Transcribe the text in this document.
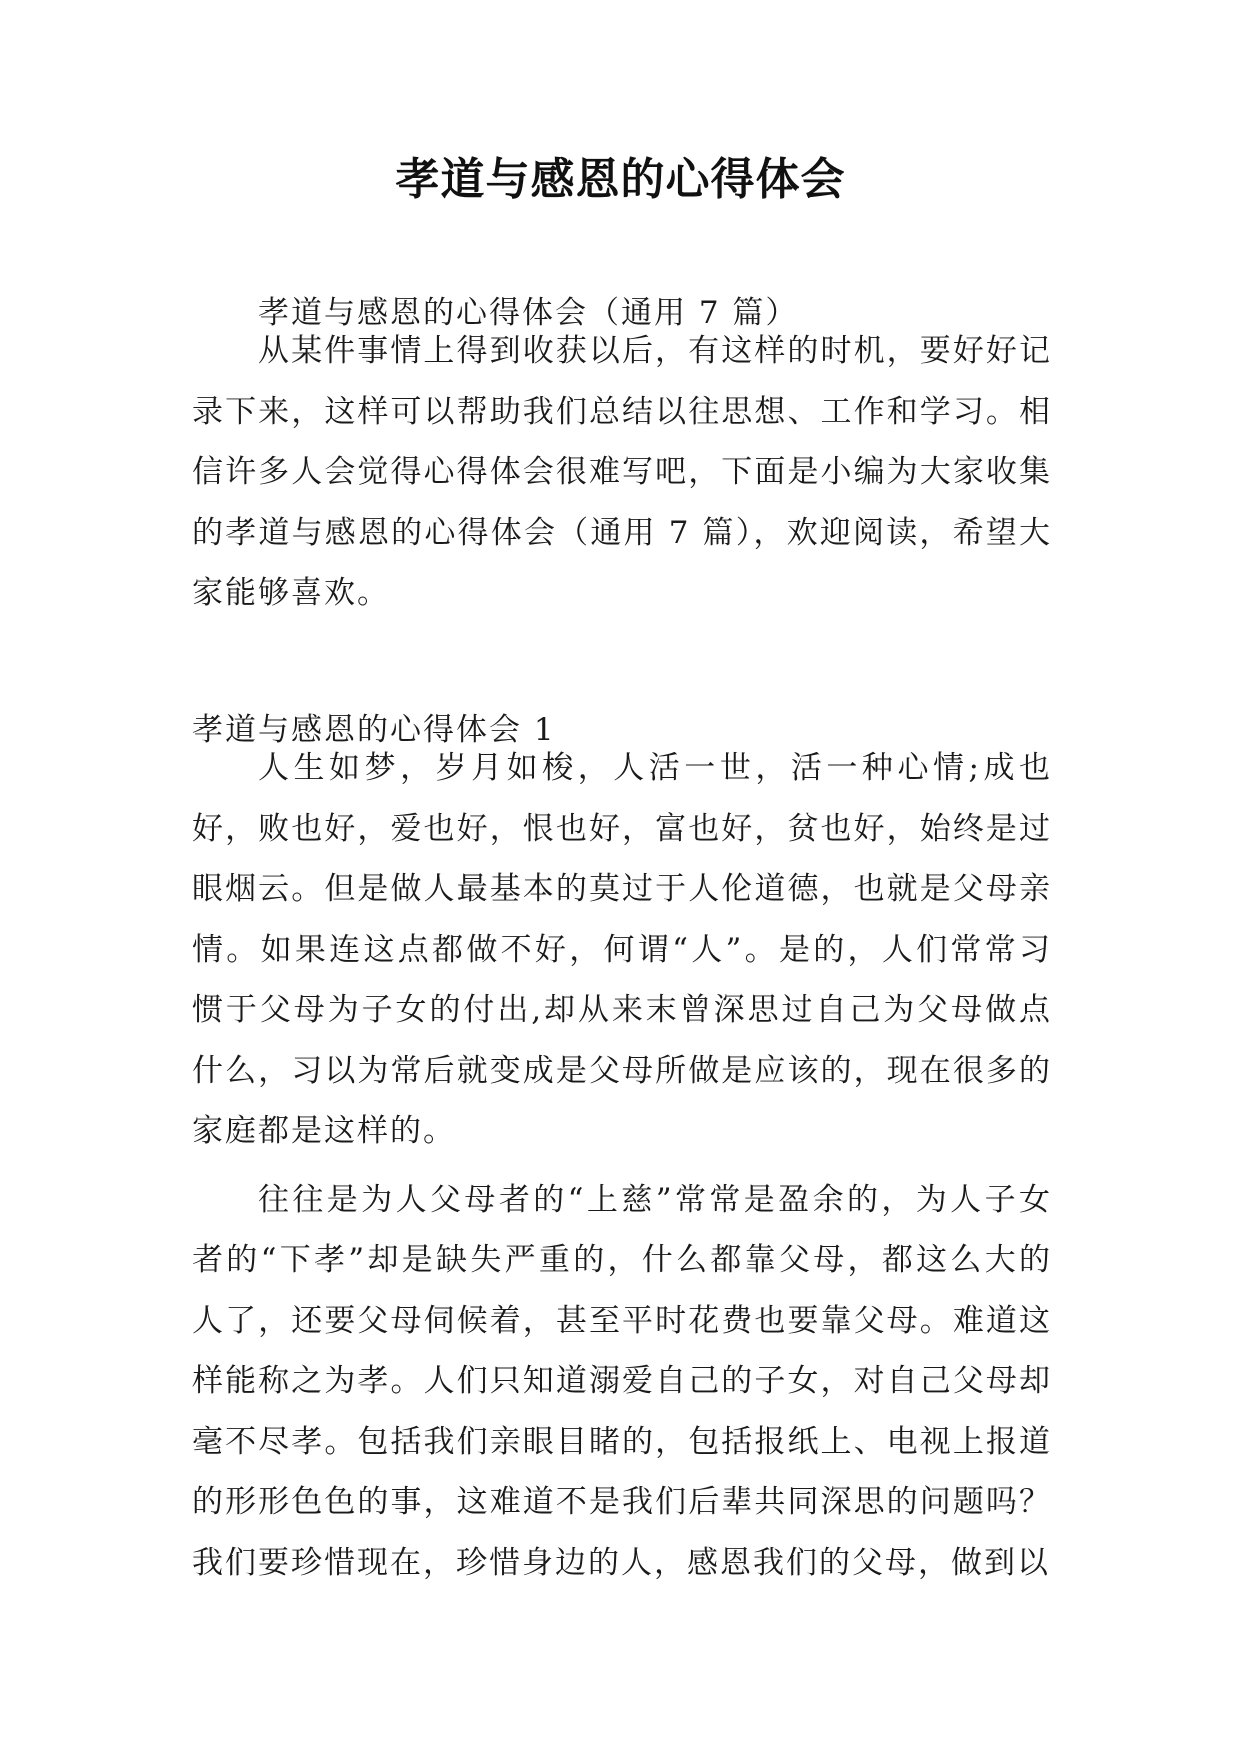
孝道与感恩的心得体会
孝道与感恩的心得体会（通用 7 篇）

从某件事情上得到收获以后，有这样的时机，要好好记录下来，这样可以帮助我们总结以往思想、工作和学习。相信许多人会觉得心得体会很难写吧，下面是小编为大家收集的孝道与感恩的心得体会（通用 7 篇），欢迎阅读，希望大家能够喜欢。

孝道与感恩的心得体会 1

人生如梦，岁月如梭，人活一世，活一种心情;成也好，败也好，爱也好，恨也好，富也好，贫也好，始终是过眼烟云。但是做人最基本的莫过于人伦道德，也就是父母亲情。如果连这点都做不好，何谓“人”。是的，人们常常习惯于父母为子女的付出,却从来末曾深思过自己为父母做点什么，习以为常后就变成是父母所做是应该的，现在很多的家庭都是这样的。

往往是为人父母者的“上慈”常常是盈余的，为人子女者的“下孝”却是缺失严重的，什么都靠父母，都这么大的人了，还要父母伺候着，甚至平时花费也要靠父母。难道这样能称之为孝。人们只知道溺爱自己的子女，对自己父母却毫不尽孝。包括我们亲眼目睹的，包括报纸上、电视上报道的形形色色的事，这难道不是我们后辈共同深思的问题吗？我们要珍惜现在，珍惜身边的人，感恩我们的父母，做到以
